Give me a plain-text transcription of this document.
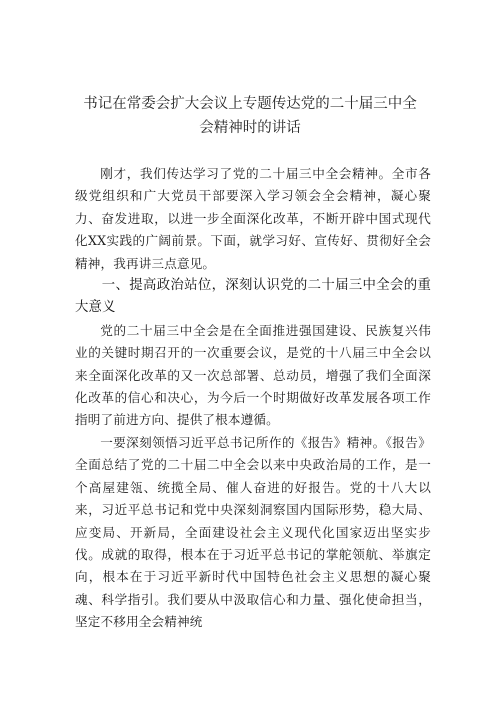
书记在常委会扩大会议上专题传达党的二十届三中全
会精神时的讲话

刚才，我们传达学习了党的二十届三中全会精神。全市各级党组织和广大党员干部要深入学习领会全会精神，凝心聚力、奋发进取，以进一步全面深化改革，不断开辟中国式现代化XX实践的广阔前景。下面，就学习好、宣传好、贯彻好全会精神，我再讲三点意见。

一、提高政治站位，深刻认识党的二十届三中全会的重大意义

党的二十届三中全会是在全面推进强国建设、民族复兴伟业的关键时期召开的一次重要会议，是党的十八届三中全会以来全面深化改革的又一次总部署、总动员，增强了我们全面深化改革的信心和决心，为今后一个时期做好改革发展各项工作指明了前进方向、提供了根本遵循。

一要深刻领悟习近平总书记所作的《报告》精神。《报告》全面总结了党的二十届二中全会以来中央政治局的工作，是一个高屋建瓴、统揽全局、催人奋进的好报告。党的十八大以来，习近平总书记和党中央深刻洞察国内国际形势，稳大局、应变局、开新局，全面建设社会主义现代化国家迈出坚实步伐。成就的取得，根本在于习近平总书记的掌舵领航、举旗定向，根本在于习近平新时代中国特色社会主义思想的凝心聚魂、科学指引。我们要从中汲取信心和力量、强化使命担当，坚定不移用全会精神统
